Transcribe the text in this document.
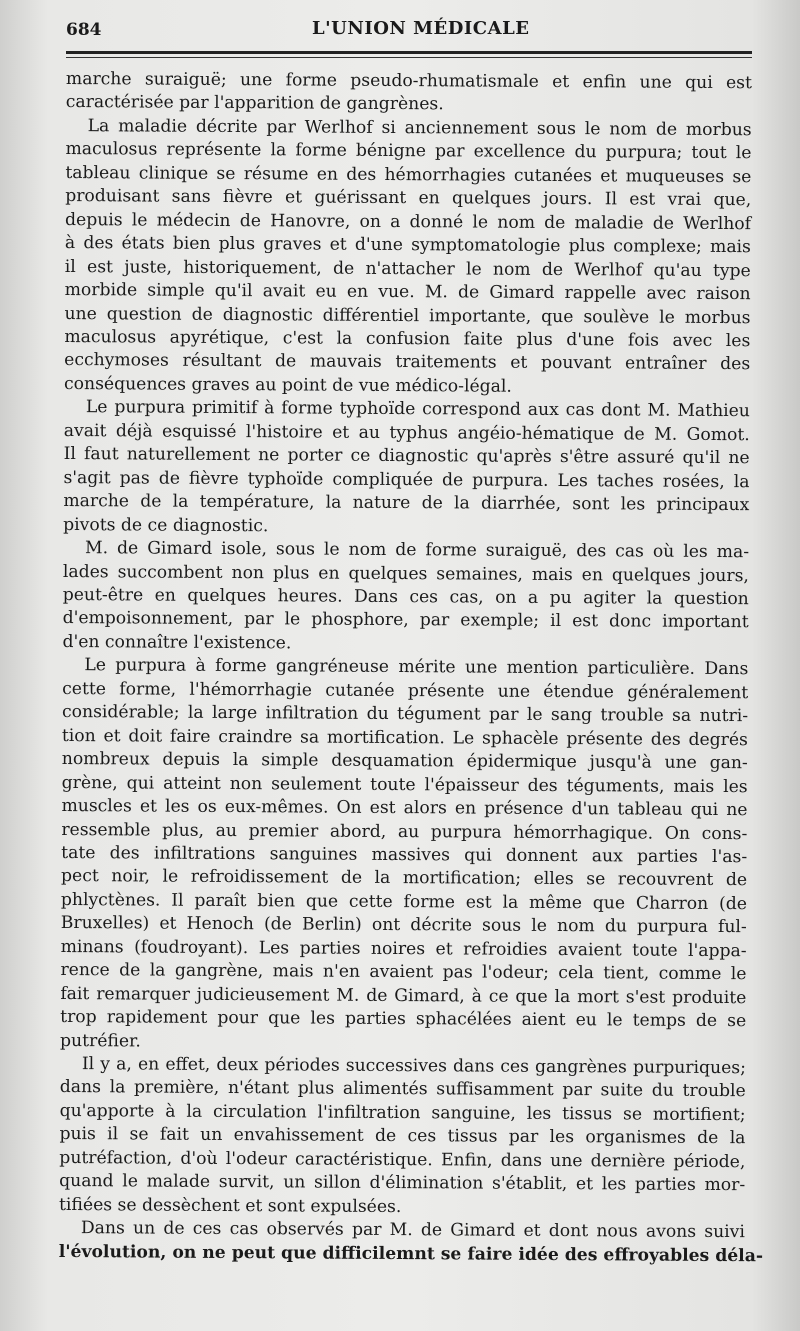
684	L'UNION MÉDICALE
marche suraiguë; une forme pseudo-rhumatismale et enfin une qui est
caractérisée par l'apparition de gangrènes.
La maladie décrite par Werlhof si anciennement sous le nom de morbus
maculosus représente la forme bénigne par excellence du purpura; tout le
tableau clinique se résume en des hémorrhagies cutanées et muqueuses se
produisant sans fièvre et guérissant en quelques jours. Il est vrai que,
depuis le médecin de Hanovre, on a donné le nom de maladie de Werlhof
à des états bien plus graves et d'une symptomatologie plus complexe; mais
il est juste, historiquement, de n'attacher le nom de Werlhof qu'au type
morbide simple qu'il avait eu en vue. M. de Gimard rappelle avec raison
une question de diagnostic différentiel importante, que soulève le morbus
maculosus apyrétique, c'est la confusion faite plus d'une fois avec les
ecchymoses résultant de mauvais traitements et pouvant entraîner des
conséquences graves au point de vue médico-légal.
Le purpura primitif à forme typhoïde correspond aux cas dont M. Mathieu
avait déjà esquissé l'histoire et au typhus angéio-hématique de M. Gomot.
Il faut naturellement ne porter ce diagnostic qu'après s'être assuré qu'il ne
s'agit pas de fièvre typhoïde compliquée de purpura. Les taches rosées, la
marche de la température, la nature de la diarrhée, sont les principaux
pivots de ce diagnostic.
M. de Gimard isole, sous le nom de forme suraiguë, des cas où les ma-
lades succombent non plus en quelques semaines, mais en quelques jours,
peut-être en quelques heures. Dans ces cas, on a pu agiter la question
d'empoisonnement, par le phosphore, par exemple; il est donc important
d'en connaître l'existence.
Le purpura à forme gangréneuse mérite une mention particulière. Dans
cette forme, l'hémorrhagie cutanée présente une étendue généralement
considérable; la large infiltration du tégument par le sang trouble sa nutri-
tion et doit faire craindre sa mortification. Le sphacèle présente des degrés
nombreux depuis la simple desquamation épidermique jusqu'à une gan-
grène, qui atteint non seulement toute l'épaisseur des téguments, mais les
muscles et les os eux-mêmes. On est alors en présence d'un tableau qui ne
ressemble plus, au premier abord, au purpura hémorrhagique. On cons-
tate des infiltrations sanguines massives qui donnent aux parties l'as-
pect noir, le refroidissement de la mortification; elles se recouvrent de
phlyctènes. Il paraît bien que cette forme est la même que Charron (de
Bruxelles) et Henoch (de Berlin) ont décrite sous le nom du purpura ful-
minans (foudroyant). Les parties noires et refroidies avaient toute l'appa-
rence de la gangrène, mais n'en avaient pas l'odeur; cela tient, comme le
fait remarquer judicieusement M. de Gimard, à ce que la mort s'est produite
trop rapidement pour que les parties sphacélées aient eu le temps de se
putréfier.
Il y a, en effet, deux périodes successives dans ces gangrènes purpuriques;
dans la première, n'étant plus alimentés suffisamment par suite du trouble
qu'apporte à la circulation l'infiltration sanguine, les tissus se mortifient;
puis il se fait un envahissement de ces tissus par les organismes de la
putréfaction, d'où l'odeur caractéristique. Enfin, dans une dernière période,
quand le malade survit, un sillon d'élimination s'établit, et les parties mor-
tifiées se dessèchent et sont expulsées.
Dans un de ces cas observés par M. de Gimard et dont nous avons suivi
l'évolution, on ne peut que difficilemnt se faire idée des effroyables déla-
